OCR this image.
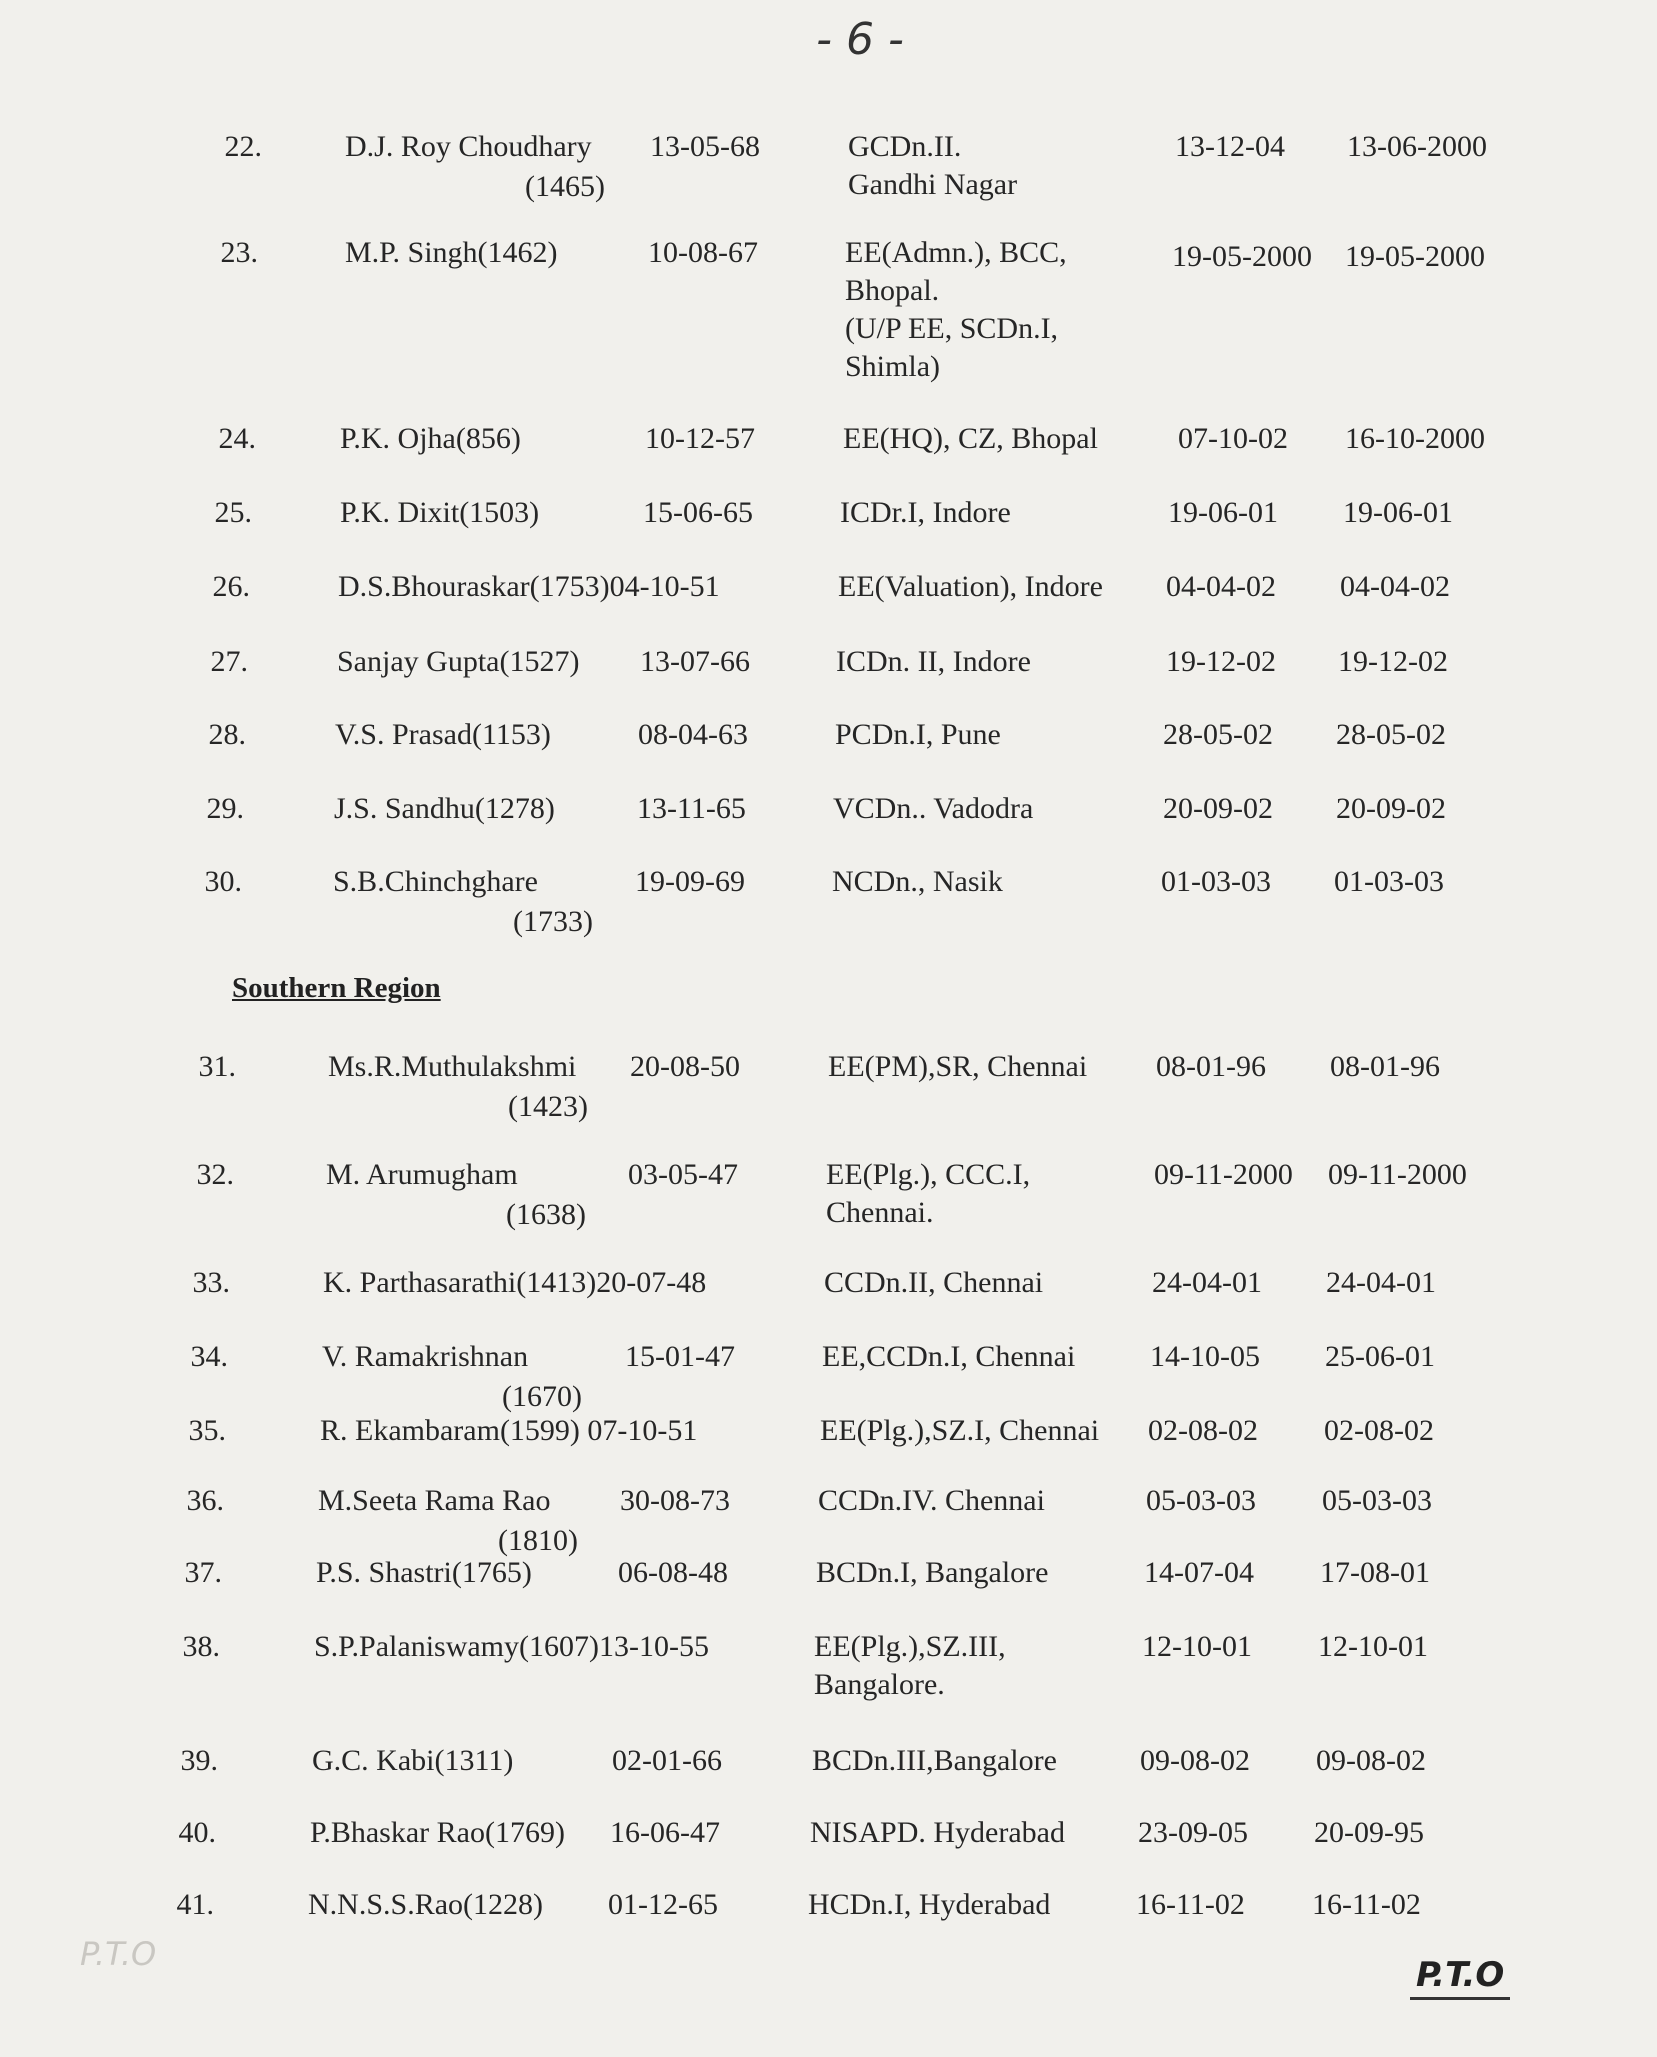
- 6 -
Southern Region
22.	D.J. Roy Choudhary
(1465)
13-05-68	GCDn.II.
Gandhi Nagar
13-12-04 13-06-2000
23.	M.P. Singh(1462)	10-08-67	EE(Admn.), BCC,
Bhopal.
(U/P EE, SCDn.I,
Shimla)
19-05-2000 19-05-2000
24.	P.K. Ojha(856)	10-12-57	EE(HQ), CZ, Bhopal	07-10-02 16-10-2000
25.	P.K. Dixit(1503)	15-06-65	ICDr.I, Indore	19-06-01 19-06-01
26.	D.S.Bhouraskar(1753)04-10-51	EE(Valuation), Indore 04-04-02 04-04-02
27.	Sanjay Gupta(1527) 13-07-66	ICDn. II, Indore	19-12-02 19-12-02
28.	V.S. Prasad(1153)	08-04-63	PCDn.I, Pune	28-05-02 28-05-02
29.	J.S. Sandhu(1278)	13-11-65	VCDn.. Vadodra	20-09-02 20-09-02
30.	S.B.Chinchghare
(1733)
19-09-69	NCDn., Nasik	01-03-03 01-03-03
31.	Ms.R.Muthulakshmi
(1423)
20-08-50	EE(PM),SR, Chennai 08-01-96 08-01-96
32.	M. Arumugham
(1638)
03-05-47	EE(Plg.), CCC.I,
Chennai.
09-11-2000 09-11-2000
33.	K. Parthasarathi(1413)20-07-48	CCDn.II, Chennai	24-04-01 24-04-01
34.	V. Ramakrishnan
(1670)
15-01-47	EE,CCDn.I, Chennai 14-10-05 25-06-01
35.	R. Ekambaram(1599) 07-10-51	EE(Plg.),SZ.I, Chennai 02-08-02 02-08-02
36.	M.Seeta Rama Rao
(1810)
30-08-73	CCDn.IV. Chennai	05-03-03 05-03-03
37.	P.S. Shastri(1765)	06-08-48	BCDn.I, Bangalore	14-07-04 17-08-01
38.	S.P.Palaniswamy(1607)13-10-55	EE(Plg.),SZ.III,
Bangalore.
12-10-01 12-10-01
39.	G.C. Kabi(1311)	02-01-66	BCDn.III,Bangalore	09-08-02 09-08-02
40.	P.Bhaskar Rao(1769) 16-06-47	NISAPD. Hyderabad 23-09-05 20-09-95
41.	N.N.S.S.Rao(1228) 01-12-65	HCDn.I, Hyderabad	16-11-02 16-11-02
P.T.O
P.T.O
